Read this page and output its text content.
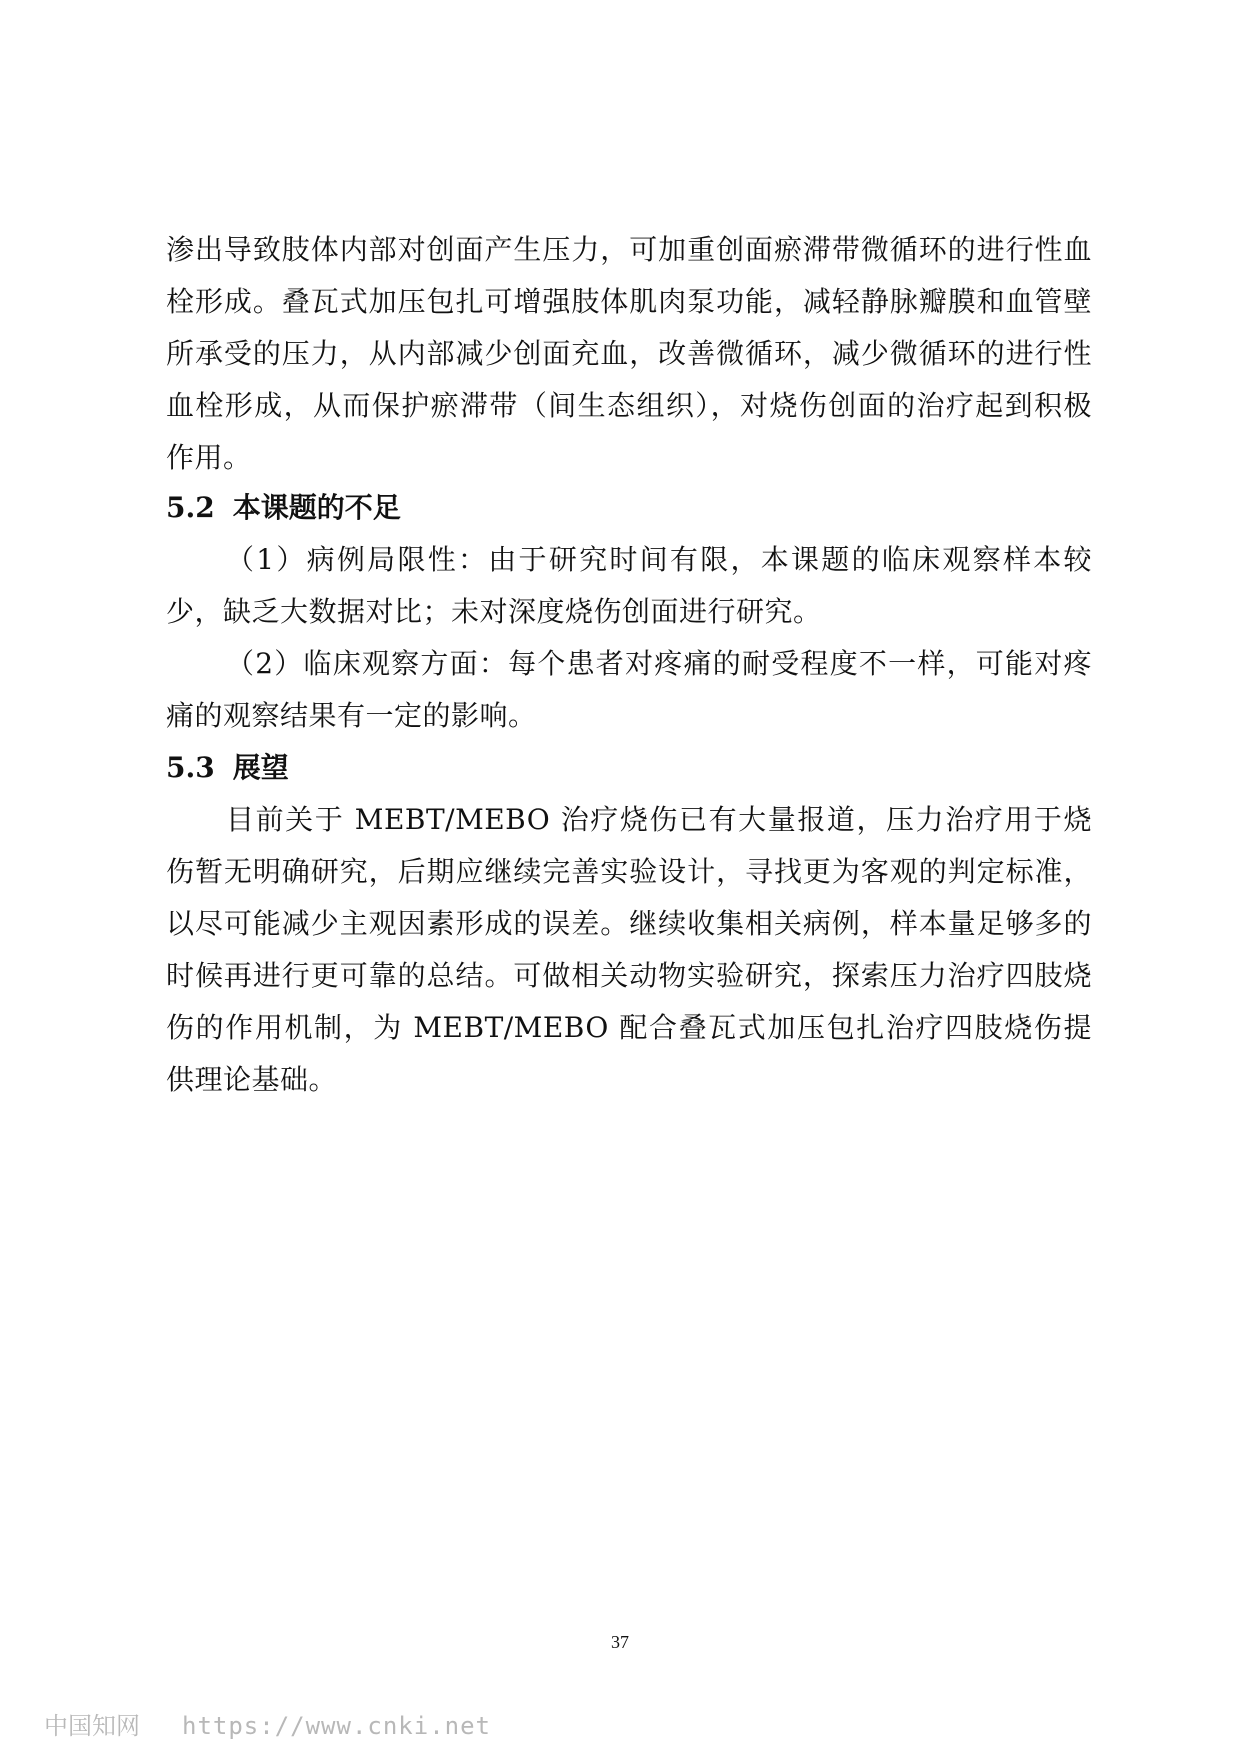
渗出导致肢体内部对创面产生压力，可加重创面瘀滞带微循环的进行性血栓形成。叠瓦式加压包扎可增强肢体肌肉泵功能，减轻静脉瓣膜和血管壁所承受的压力，从内部减少创面充血，改善微循环，减少微循环的进行性血栓形成，从而保护瘀滞带（间生态组织），对烧伤创面的治疗起到积极作用。

5.2 本课题的不足

（1）病例局限性：由于研究时间有限，本课题的临床观察样本较少，缺乏大数据对比；未对深度烧伤创面进行研究。

（2）临床观察方面：每个患者对疼痛的耐受程度不一样，可能对疼痛的观察结果有一定的影响。

5.3 展望

目前关于 MEBT/MEBO 治疗烧伤已有大量报道，压力治疗用于烧伤暂无明确研究，后期应继续完善实验设计，寻找更为客观的判定标准，以尽可能减少主观因素形成的误差。继续收集相关病例，样本量足够多的时候再进行更可靠的总结。可做相关动物实验研究，探索压力治疗四肢烧伤的作用机制，为 MEBT/MEBO 配合叠瓦式加压包扎治疗四肢烧伤提供理论基础。

37
中国知网 https://www.cnki.net
